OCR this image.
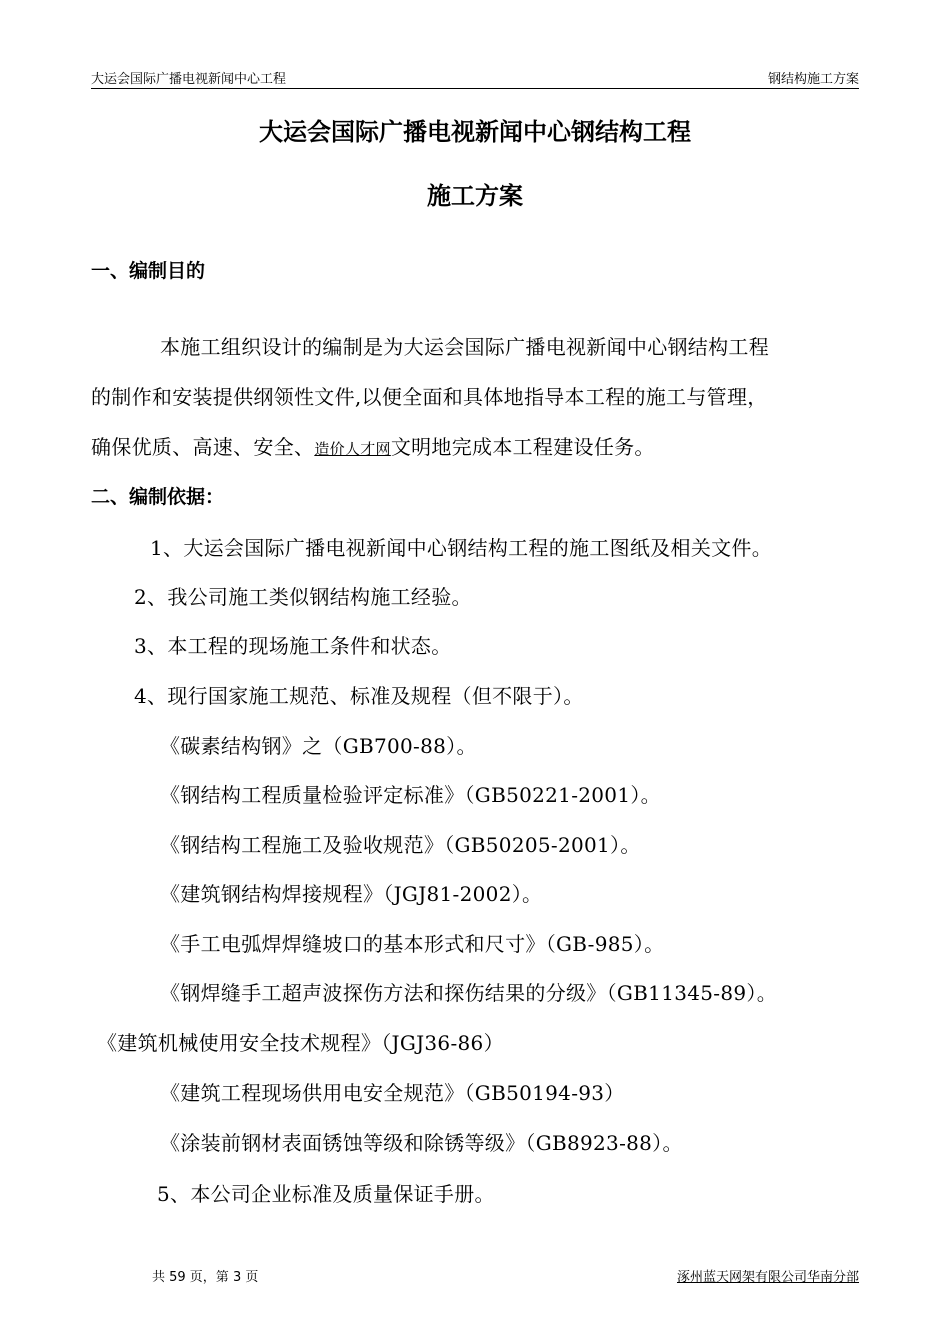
大运会国际广播电视新闻中心工程	钢结构施工方案
大运会国际广播电视新闻中心钢结构工程
施工方案
一、编制目的
本施工组织设计的编制是为大运会国际广播电视新闻中心钢结构工程
的制作和安装提供纲领性文件,以便全面和具体地指导本工程的施工与管理，
确保优质、高速、安全、造价人才网文明地完成本工程建设任务。
二、编制依据：
1、大运会国际广播电视新闻中心钢结构工程的施工图纸及相关文件。
2、我公司施工类似钢结构施工经验。
3、本工程的现场施工条件和状态。
4、现行国家施工规范、标准及规程（但不限于）。
《碳素结构钢》之（GB700-88）。
《钢结构工程质量检验评定标准》（GB50221-2001）。
《钢结构工程施工及验收规范》（GB50205-2001）。
《建筑钢结构焊接规程》（JGJ81-2002）。
《手工电弧焊焊缝坡口的基本形式和尺寸》（GB-985）。
《钢焊缝手工超声波探伤方法和探伤结果的分级》（GB11345-89）。
《建筑机械使用安全技术规程》（JGJ36-86）
《建筑工程现场供用电安全规范》（GB50194-93）
《涂装前钢材表面锈蚀等级和除锈等级》（GB8923-88）。
5、本公司企业标准及质量保证手册。
共 59 页，第 3 页	涿州蓝天网架有限公司华南分部
